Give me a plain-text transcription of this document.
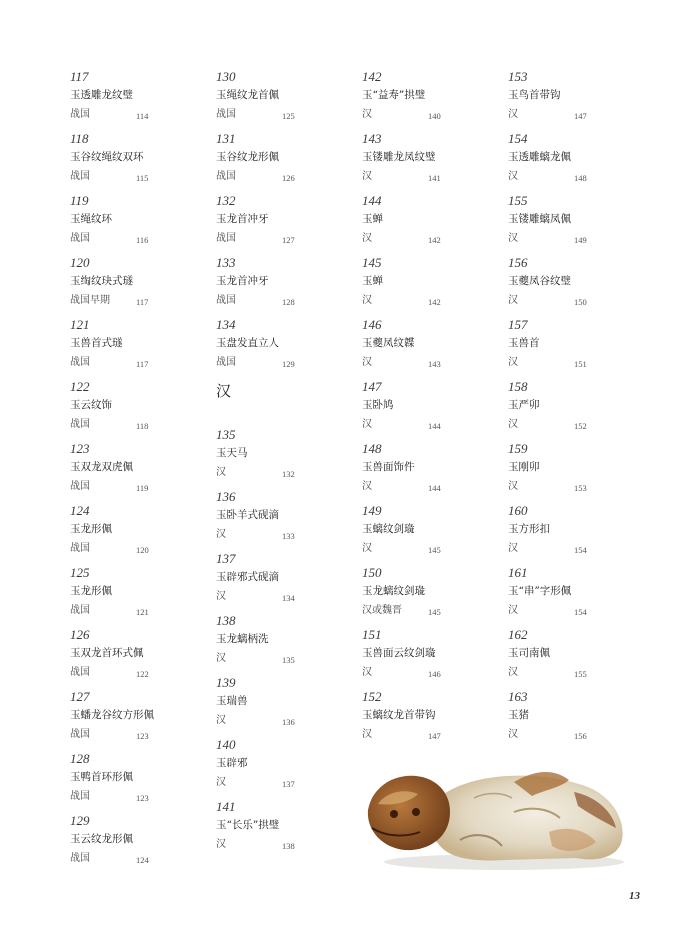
117
玉透雕龙纹璧
战国	114
118
玉谷纹绳纹双环
战国	115
119
玉绳纹环
战国	116
120
玉绹纹玦式璲
战国早期	117
121
玉兽首式璲
战国	117
122
玉云纹饰
战国	118
123
玉双龙双虎佩
战国	119
124
玉龙形佩
战国	120
125
玉龙形佩
战国	121
126
玉双龙首环式佩
战国	122
127
玉蟠龙谷纹方形佩
战国	123
128
玉鸭首环形佩
战国	123
129
玉云纹龙形佩
战国	124
130
玉绳纹龙首佩
战国	125
131
玉谷纹龙形佩
战国	126
132
玉龙首冲牙
战国	127
133
玉龙首冲牙
战国	128
134
玉盘发直立人
战国	129
汉
135
玉天马
汉	132
136
玉卧羊式砚滴
汉	133
137
玉辟邪式砚滴
汉	134
138
玉龙螭柄洗
汉	135
139
玉瑞兽
汉	136
140
玉辟邪
汉	137
141
玉“长乐”拱璧
汉	138
142
玉“益寿”拱璧
汉	140
143
玉镂雕龙凤纹璧
汉	141
144
玉蝉
汉	142
145
玉蝉
汉	142
146
玉夔凤纹韘
汉	143
147
玉卧鸠
汉	144
148
玉兽面饰件
汉	144
149
玉螭纹剑璏
汉	145
150
玉龙螭纹剑璏
汉或魏晋	145
151
玉兽面云纹剑璏
汉	146
152
玉螭纹龙首带钩
汉	147
153
玉鸟首带钩
汉	147
154
玉透雕螭龙佩
汉	148
155
玉镂雕螭凤佩
汉	149
156
玉夔凤谷纹璧
汉	150
157
玉兽首
汉	151
158
玉严卯
汉	152
159
玉刚卯
汉	153
160
玉方形扣
汉	154
161
玉“串”字形佩
汉	154
162
玉司南佩
汉	155
163
玉猪
汉	156
13
